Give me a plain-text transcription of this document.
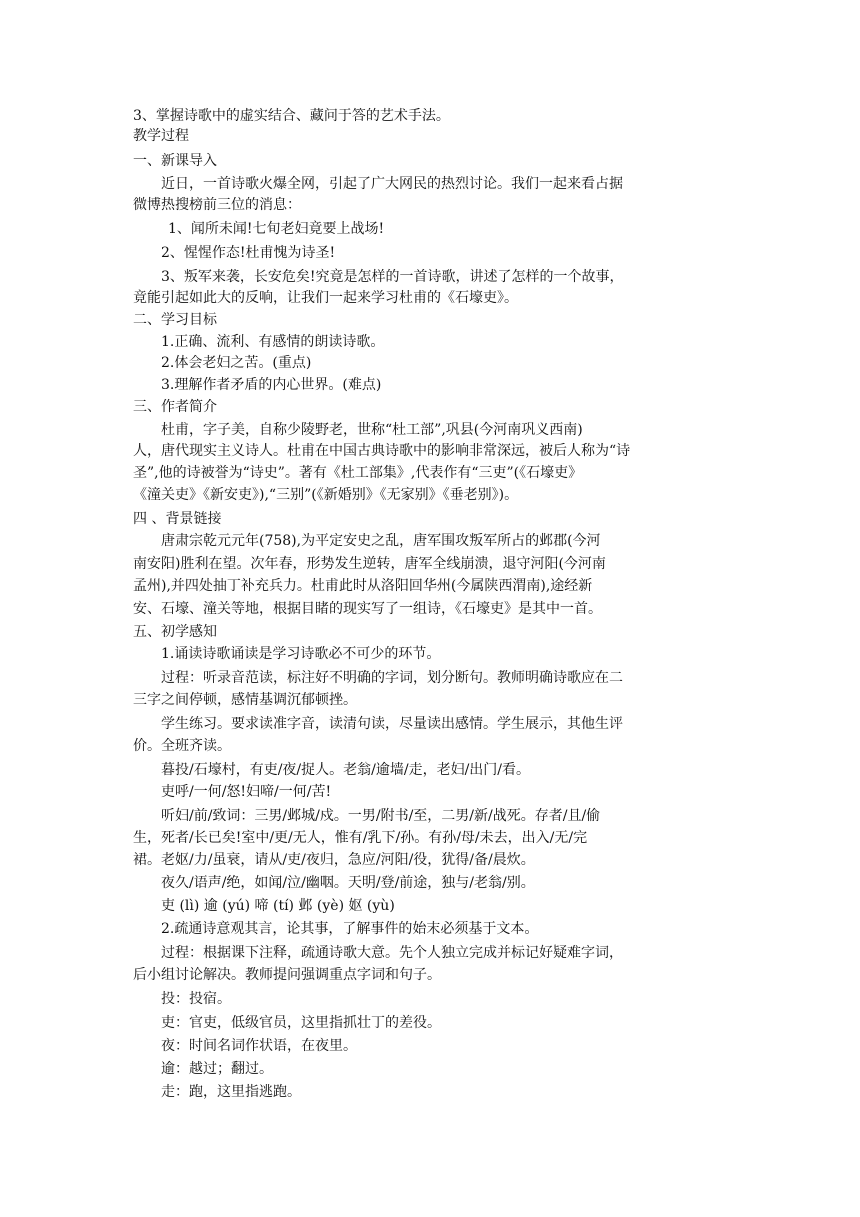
3、掌握诗歌中的虚实结合、藏问于答的艺术手法。
教学过程
一、新课导入
近日，一首诗歌火爆全网，引起了广大网民的热烈讨论。我们一起来看占据
微博热搜榜前三位的消息：
1、闻所未闻!七旬老妇竟要上战场!
2、惺惺作态!杜甫愧为诗圣!
3、叛军来袭，长安危矣!究竟是怎样的一首诗歌，讲述了怎样的一个故事，
竟能引起如此大的反响，让我们一起来学习杜甫的《石壕吏》。
二、学习目标
1.正确、流利、有感情的朗读诗歌。
2.体会老妇之苦。(重点)
3.理解作者矛盾的内心世界。(难点)
三、作者简介
杜甫，字子美，自称少陵野老，世称“杜工部”,巩县(今河南巩义西南)
人，唐代现实主义诗人。杜甫在中国古典诗歌中的影响非常深远，被后人称为“诗
圣”,他的诗被誉为“诗史”。著有《杜工部集》,代表作有“三吏”(《石壕吏》
《潼关吏》《新安吏》),“三别”(《新婚别》《无家别》《垂老别》)。
四 、背景链接
唐肃宗乾元元年(758),为平定安史之乱，唐军围攻叛军所占的邺郡(今河
南安阳)胜利在望。次年春，形势发生逆转，唐军全线崩溃，退守河阳(今河南
孟州),并四处抽丁补充兵力。杜甫此时从洛阳回华州(今属陕西渭南),途经新
安、石壕、潼关等地，根据目睹的现实写了一组诗，《石壕吏》是其中一首。
五、初学感知
1.诵读诗歌诵读是学习诗歌必不可少的环节。
过程：听录音范读，标注好不明确的字词，划分断句。教师明确诗歌应在二
三字之间停顿，感情基调沉郁顿挫。
学生练习。要求读准字音，读清句读，尽量读出感情。学生展示，其他生评
价。全班齐读。
暮投/石壕村，有吏/夜/捉人。老翁/逾墙/走，老妇/出门/看。
吏呼/一何/怒!妇啼/一何/苦!
听妇/前/致词：三男/邺城/戍。一男/附书/至，二男/新/战死。存者/且/偷
生，死者/长已矣!室中/更/无人，惟有/乳下/孙。有孙/母/未去，出入/无/完
裙。老妪/力/虽衰，请从/吏/夜归，急应/河阳/役，犹得/备/晨炊。
夜久/语声/绝，如闻/泣/幽咽。天明/登/前途，独与/老翁/别。
吏 (lì) 逾 (yú) 啼 (tí) 邺 (yè) 妪 (yù)
2.疏通诗意观其言，论其事，了解事件的始末必须基于文本。
过程：根据课下注释，疏通诗歌大意。先个人独立完成并标记好疑难字词，
后小组讨论解决。教师提问强调重点字词和句子。
投：投宿。
吏：官吏，低级官员，这里指抓壮丁的差役。
夜：时间名词作状语，在夜里。
逾：越过；翻过。
走：跑，这里指逃跑。
